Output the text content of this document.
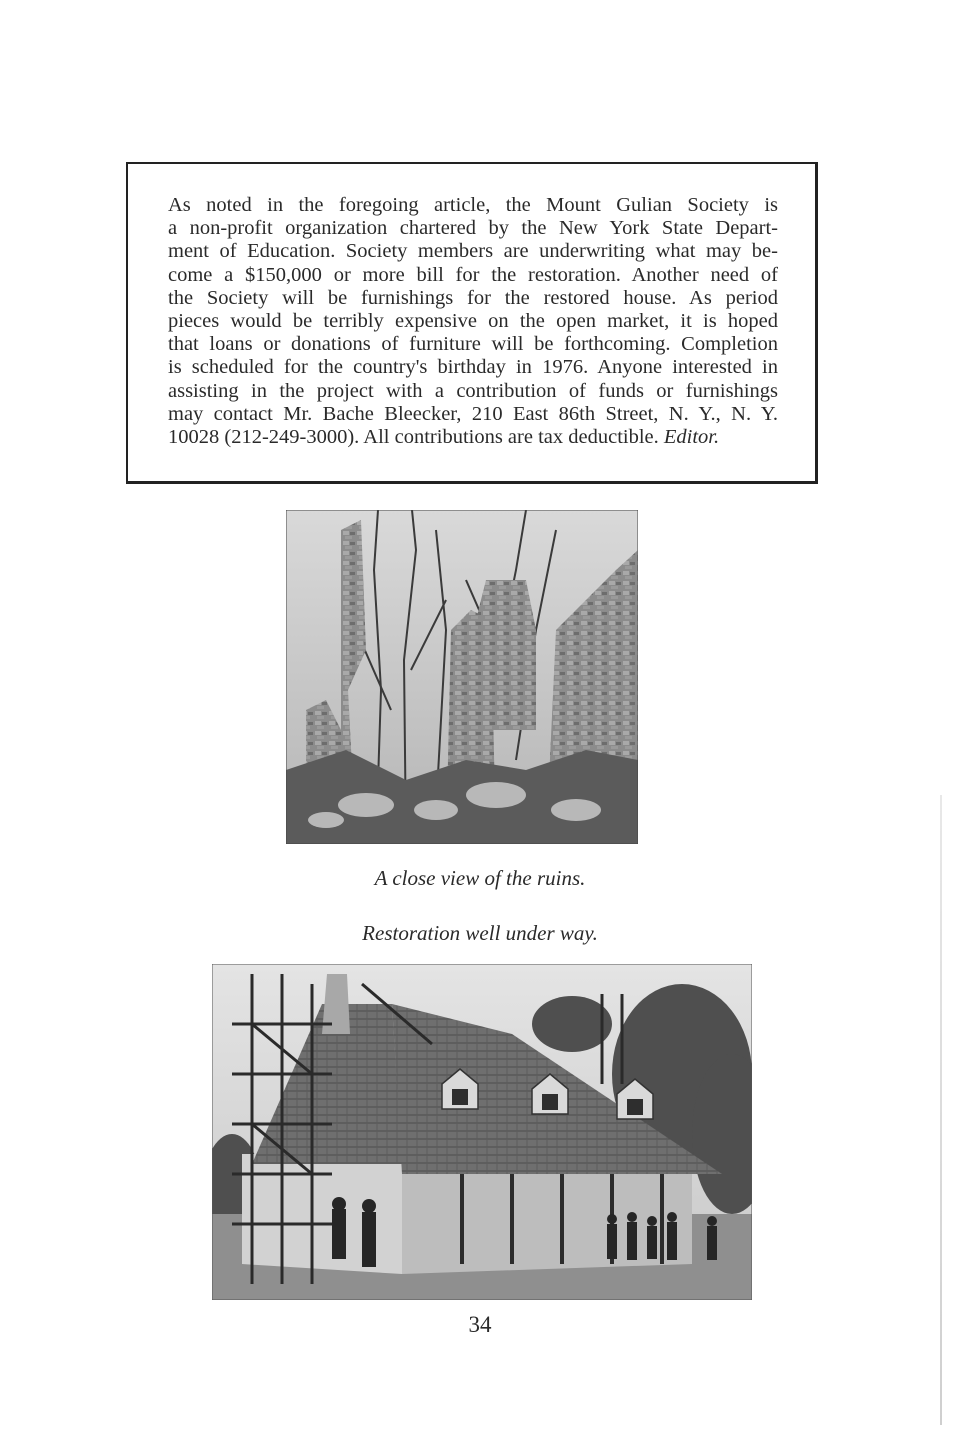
As noted in the foregoing article, the Mount Gulian Society is
a non-profit organization chartered by the New York State Depart-
ment of Education. Society members are underwriting what may be-
come a $150,000 or more bill for the restoration. Another need of
the Society will be furnishings for the restored house. As period
pieces would be terribly expensive on the open market, it is hoped
that loans or donations of furniture will be forthcoming. Completion
is scheduled for the country's birthday in 1976. Anyone interested in
assisting in the project with a contribution of funds or furnishings
may contact Mr. Bache Bleecker, 210 East 86th Street, N. Y., N. Y.
10028 (212-249-3000). All contributions are tax deductible. Editor.

A close view of the ruins.
Restoration well under way.
34
